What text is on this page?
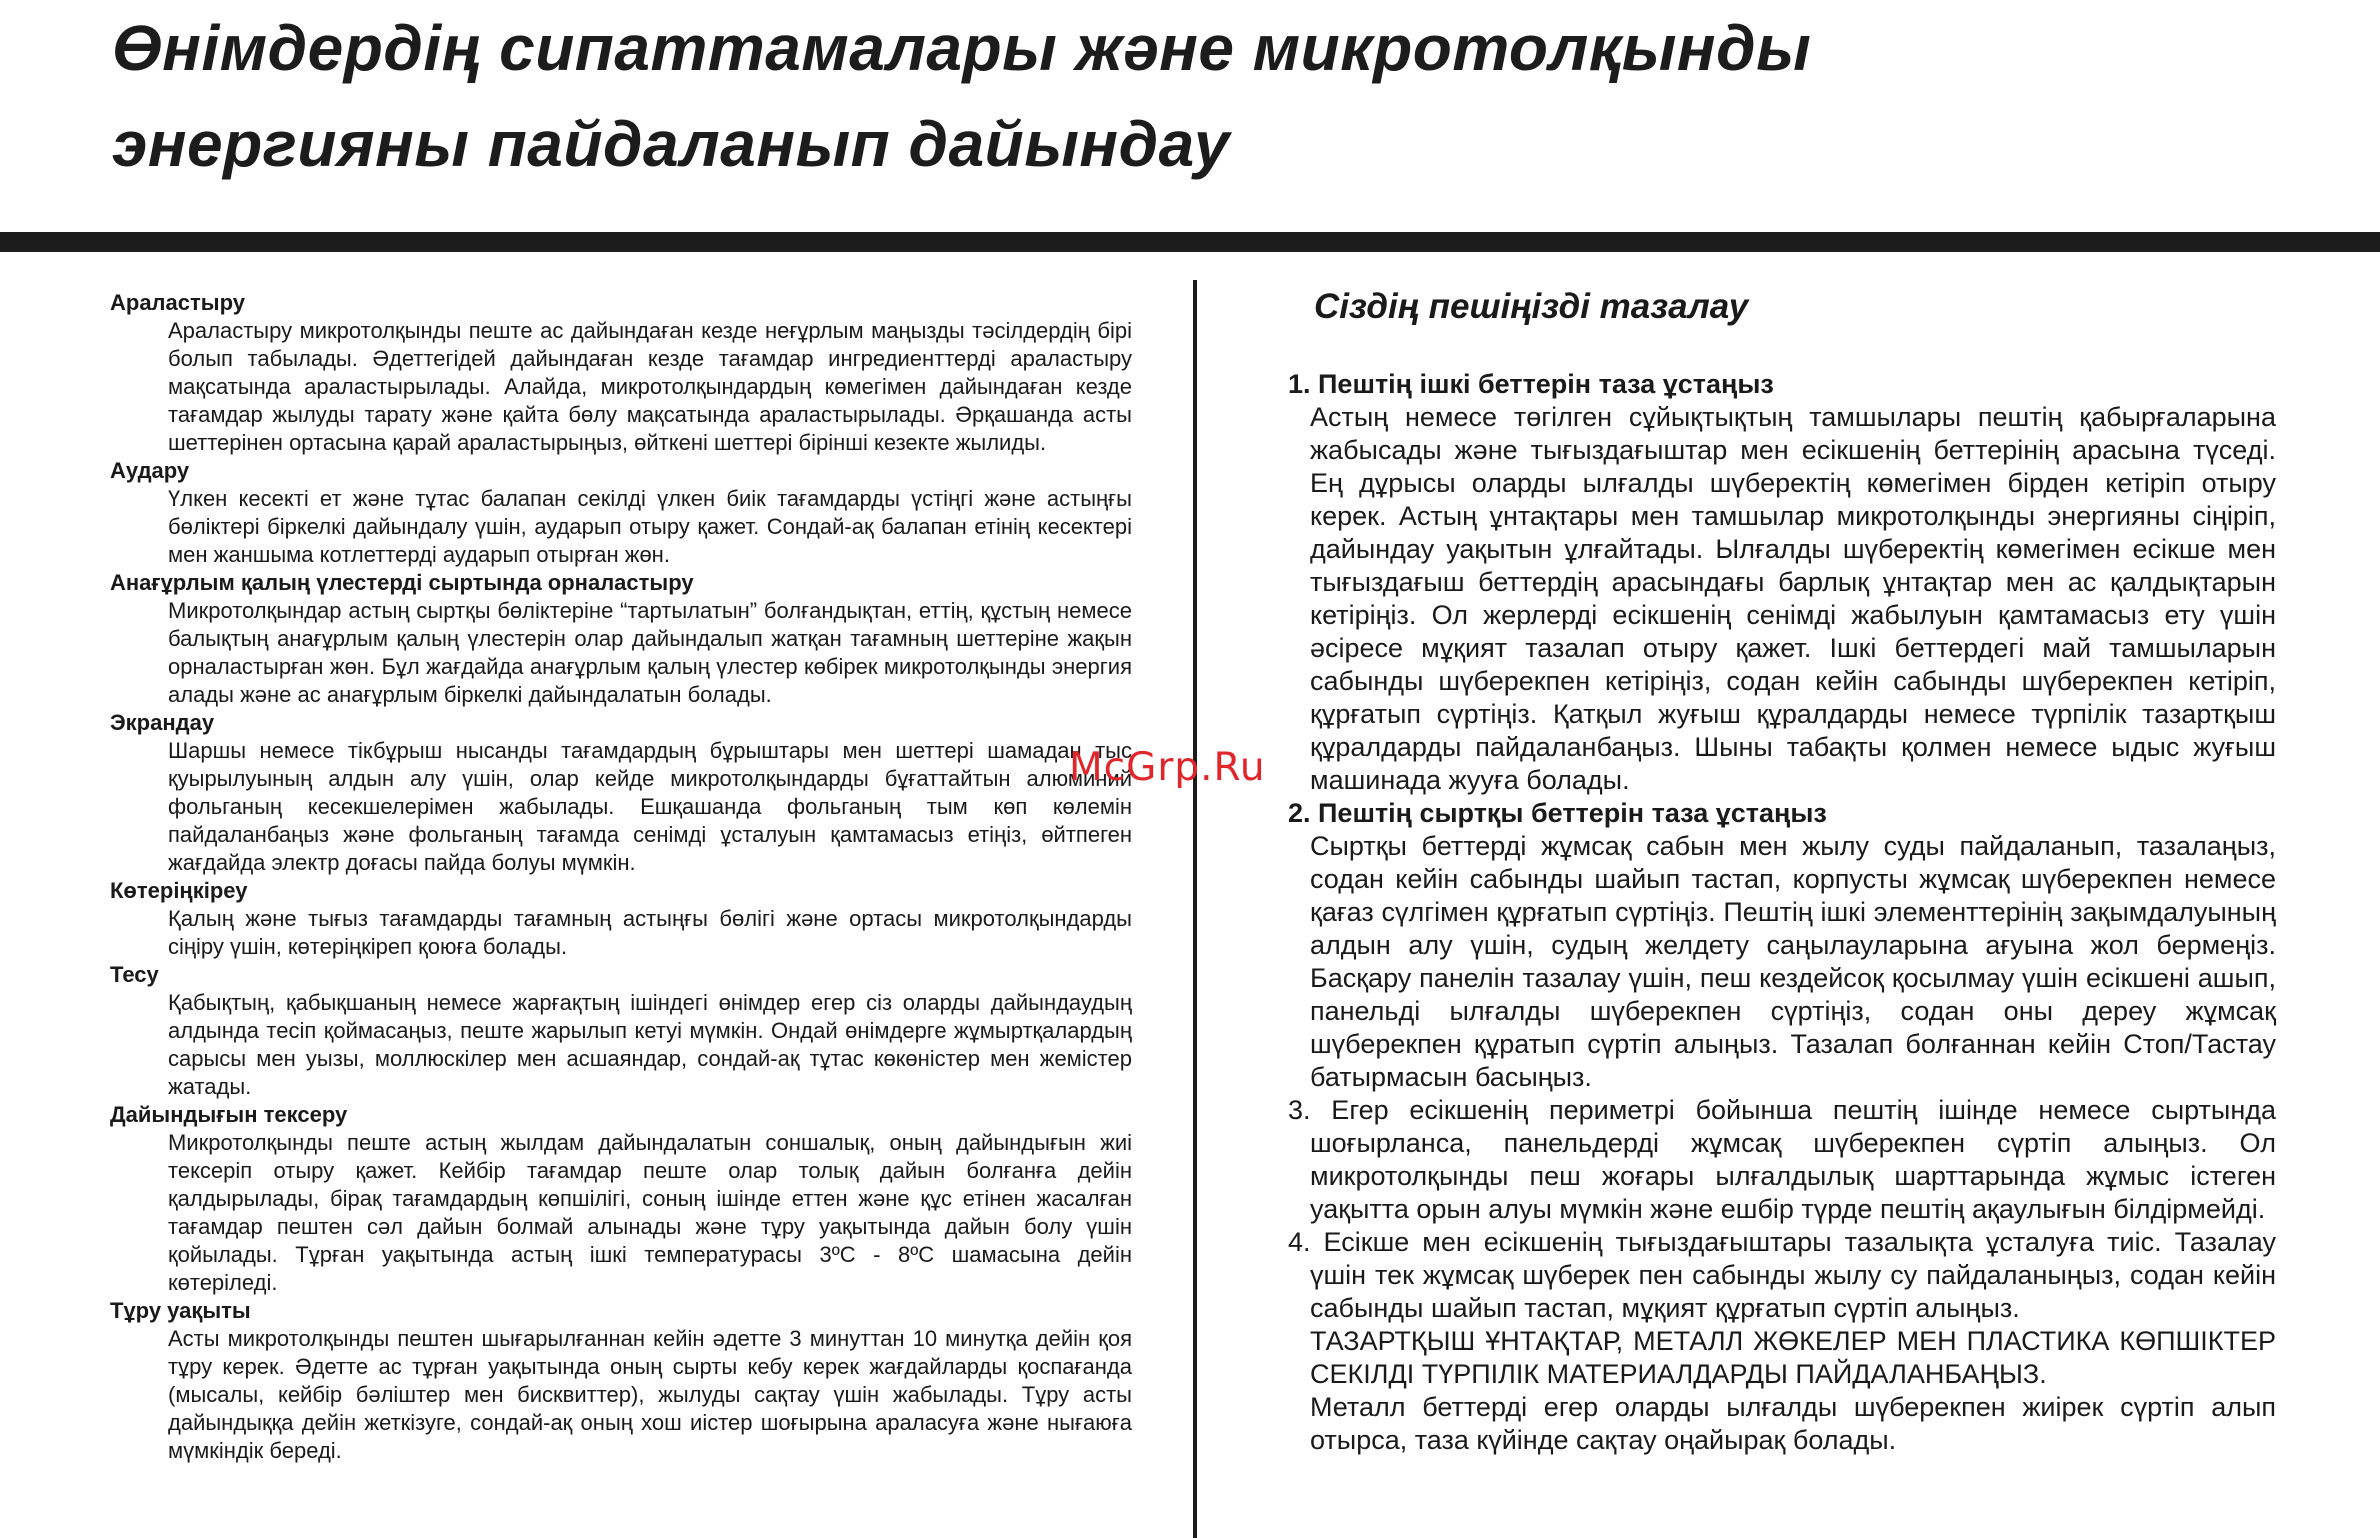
Өнімдердің сипаттамалары және микротолқынды
энергияны пайдаланып дайындау
Араластыру

Араластыру микротолқынды пеште ас дайындаған кезде неғұрлым маңызды тәсілдердің бірі болып табылады. Әдеттегідей дайындаған кезде тағамдар ингредиенттерді араластыру мақсатында араластырылады. Алайда, микротолқындардың көмегімен дайындаған кезде тағамдар жылуды тарату және қайта бөлу мақсатында араластырылады. Әрқашанда асты шеттерінен ортасына қарай араластырыңыз, өйткені шеттері бірінші кезекте жылиды.

Аудару

Үлкен кесекті ет және тұтас балапан секілді үлкен биік тағамдарды үстіңгі және астыңғы бөліктері біркелкі дайындалу үшін, аударып отыру қажет. Сондай-ақ балапан етінің кесектері мен жаншыма котлеттерді аударып отырған жөн.

Анағұрлым қалың үлестерді сыртында орналастыру

Микротолқындар астың сыртқы бөліктеріне “тартылатын” болғандықтан, еттің, құстың немесе балықтың анағұрлым қалың үлестерін олар дайындалып жатқан тағамның шеттеріне жақын орналастырған жөн. Бұл жағдайда анағұрлым қалың үлестер көбірек микротолқынды энергия алады және ас анағұрлым біркелкі дайындалатын болады.

Экрандау

Шаршы немесе тікбұрыш нысанды тағамдардың бұрыштары мен шеттері шамадан тыс қуырылуының алдын алу үшін, олар кейде микротолқындарды бұғаттайтын алюминий фольганың кесекшелерімен жабылады. Ешқашанда фольганың тым көп көлемін пайдаланбаңыз және фольганың тағамда сенімді ұсталуын қамтамасыз етіңіз, өйтпеген жағдайда электр доғасы пайда болуы мүмкін.

Көтеріңкіреу

Қалың және тығыз тағамдарды тағамның астыңғы бөлігі және ортасы микротолқындарды сіңіру үшін, көтеріңкіреп қоюға болады.

Тесу

Қабықтың, қабықшаның немесе жарғақтың ішіндегі өнімдер егер сіз оларды дайындаудың алдында тесіп қоймасаңыз, пеште жарылып кетуі мүмкін. Ондай өнімдерге жұмыртқалардың сарысы мен уызы, моллюскілер мен асшаяндар, сондай-ақ тұтас көкөністер мен жемістер жатады.

Дайындығын тексеру

Микротолқынды пеште астың жылдам дайындалатын соншалық, оның дайындығын жиі тексеріп отыру қажет. Кейбір тағамдар пеште олар толық дайын болғанға дейін қалдырылады, бірақ тағамдардың көпшілігі, соның ішінде еттен және құс етінен жасалған тағамдар пештен сәл дайын болмай алынады және тұру уақытында дайын болу үшін қойылады. Тұрған уақытында астың ішкі температурасы 3ºC - 8ºC шамасына дейін көтеріледі.

Тұру уақыты

Асты микротолқынды пештен шығарылғаннан кейін әдетте 3 минуттан 10 минутқа дейін қоя тұру керек. Әдетте ас тұрған уақытында оның сырты кебу керек жағдайларды қоспағанда (мысалы, кейбір бәліштер мен бисквиттер), жылуды сақтау үшін жабылады. Тұру асты дайындыққа дейін жеткізуге, сондай-ақ оның хош иістер шоғырына араласуға және нығаюға мүмкіндік береді.

Сіздің пешіңізді тазалау
1. Пештің ішкі беттерін таза ұстаңыз

Астың немесе төгілген сұйықтықтың тамшылары пештің қабырғаларына жабысады және тығыздағыштар мен есікшенің беттерінің арасына түседі. Ең дұрысы оларды ылғалды шүберектің көмегімен бірден кетіріп отыру керек. Астың ұнтақтары мен тамшылар микротолқынды энергияны сіңіріп, дайындау уақытын ұлғайтады. Ылғалды шүберектің көмегімен есікше мен тығыздағыш беттердің арасындағы барлық ұнтақтар мен ас қалдықтарын кетіріңіз. Ол жерлерді есікшенің сенімді жабылуын қамтамасыз ету үшін әсіресе мұқият тазалап отыру қажет. Ішкі беттердегі май тамшыларын сабынды шүберекпен кетіріңіз, содан кейін сабынды шүберекпен кетіріп, құрғатып сүртіңіз. Қатқыл жуғыш құралдарды немесе түрпілік тазартқыш құралдарды пайдаланбаңыз. Шыны табақты қолмен немесе ыдыс жуғыш машинада жууға болады.

2. Пештің сыртқы беттерін таза ұстаңыз

Сыртқы беттерді жұмсақ сабын мен жылу суды пайдаланып, тазалаңыз, содан кейін сабынды шайып тастап, корпусты жұмсақ шүберекпен немесе қағаз сүлгімен құрғатып сүртіңіз. Пештің ішкі элементтерінің зақымдалуының алдын алу үшін, судың желдету саңылауларына ағуына жол бермеңіз. Басқару панелін тазалау үшін, пеш кездейсоқ қосылмау үшін есікшені ашып, панельді ылғалды шүберекпен сүртіңіз, содан оны дереу жұмсақ шүберекпен құратып сүртіп алыңыз. Тазалап болғаннан кейін Стоп/Тастау батырмасын басыңыз.

3. Егер есікшенің периметрі бойынша пештің ішінде немесе сыртында шоғырланса, панельдерді жұмсақ шүберекпен сүртіп алыңыз. Ол микротолқынды пеш жоғары ылғалдылық шарттарында жұмыс істеген уақытта орын алуы мүмкін және ешбір түрде пештің ақаулығын білдірмейді.

4. Есікше мен есікшенің тығыздағыштары тазалықта ұсталуға тиіс. Тазалау үшін тек жұмсақ шүберек пен сабынды жылу су пайдаланыңыз, содан кейін сабынды шайып тастап, мұқият құрғатып сүртіп алыңыз.

ТАЗАРТҚЫШ ҰНТАҚТАР, МЕТАЛЛ ЖӨКЕЛЕР МЕН ПЛАСТИКА КӨПШІКТЕР СЕКІЛДІ ТҮРПІЛІК МАТЕРИАЛДАРДЫ ПАЙДАЛАНБАҢЫЗ.

Металл беттерді егер оларды ылғалды шүберекпен жиірек сүртіп алып отырса, таза күйінде сақтау оңайырақ болады.

McGrp.Ru
